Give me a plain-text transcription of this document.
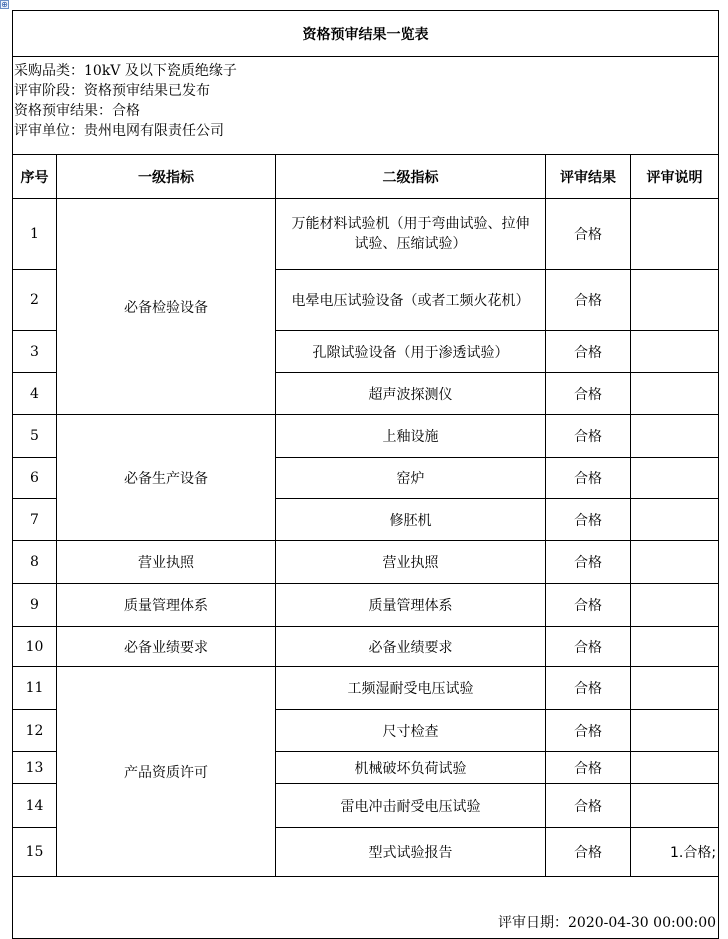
⊕
资格预审结果一览表				

采购品类：10kV 及以下瓷质绝缘子
评审阶段：资格预审结果已发布
资格预审结果：合格
评审单位：贵州电网有限责任公司				

序号	一级指标	二级指标	评审结果	评审说明
1	必备检验设备	万能材料试验机（用于弯曲试验、拉伸
试验、压缩试验）	合格	
2		电晕电压试验设备（或者工频火花机）	合格	
3		孔隙试验设备（用于渗透试验）	合格	
4		超声波探测仪	合格	
5	必备生产设备	上釉设施	合格	
6		窑炉	合格	
7		修胚机	合格	
8	营业执照	营业执照	合格	
9	质量管理体系	质量管理体系	合格	
10	必备业绩要求	必备业绩要求	合格	
11	产品资质许可	工频湿耐受电压试验	合格	
12		尺寸检查	合格	
13		机械破坏负荷试验	合格	
14		雷电冲击耐受电压试验	合格	
15		型式试验报告	合格	1.合格;
评审日期：2020-04-30 00:00:00				
